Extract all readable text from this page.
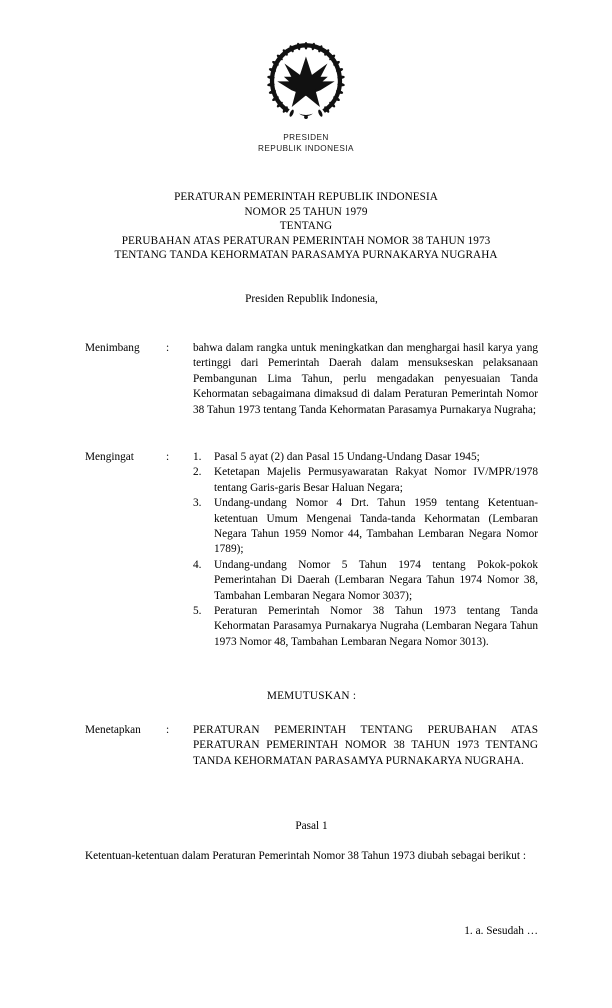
PRESIDEN
REPUBLIK INDONESIA
PERATURAN PEMERINTAH REPUBLIK INDONESIA
NOMOR 25 TAHUN 1979
TENTANG
PERUBAHAN ATAS PERATURAN PEMERINTAH NOMOR 38 TAHUN 1973
TENTANG TANDA KEHORMATAN PARASAMYA PURNAKARYA NUGRAHA
Presiden Republik Indonesia,
Menimbang	: bahwa dalam rangka untuk meningkatkan dan menghargai hasil karya yang tertinggi dari Pemerintah Daerah dalam mensukseskan pelaksanaan Pembangunan Lima Tahun, perlu mengadakan penyesuaian Tanda Kehormatan sebagaimana dimaksud di dalam Peraturan Pemerintah Nomor 38 Tahun 1973 tentang Tanda Kehormatan Parasamya Purnakarya Nugraha;

Mengingat	: 1. Pasal 5 ayat (2) dan Pasal 15 Undang-Undang Dasar 1945;
2. Ketetapan Majelis Permusyawaratan Rakyat Nomor IV/MPR/1978 tentang Garis-garis Besar Haluan Negara;
3. Undang-undang Nomor 4 Drt. Tahun 1959 tentang Ketentuan-ketentuan Umum Mengenai Tanda-tanda Kehormatan (Lembaran Negara Tahun 1959 Nomor 44, Tambahan Lembaran Negara Nomor 1789);
4. Undang-undang Nomor 5 Tahun 1974 tentang Pokok-pokok Pemerintahan Di Daerah (Lembaran Negara Tahun 1974 Nomor 38, Tambahan Lembaran Negara Nomor 3037);
5. Peraturan Pemerintah Nomor 38 Tahun 1973 tentang Tanda Kehormatan Parasamya Purnakarya Nugraha (Lembaran Negara Tahun 1973 Nomor 48, Tambahan Lembaran Negara Nomor 3013).
MEMUTUSKAN :
Menetapkan	: PERATURAN PEMERINTAH TENTANG PERUBAHAN ATAS PERATURAN PEMERINTAH NOMOR 38 TAHUN 1973 TENTANG TANDA KEHORMATAN PARASAMYA PURNAKARYA NUGRAHA.

Pasal 1
Ketentuan-ketentuan dalam Peraturan Pemerintah Nomor 38 Tahun 1973 diubah sebagai berikut :
1. a. Sesudah …
